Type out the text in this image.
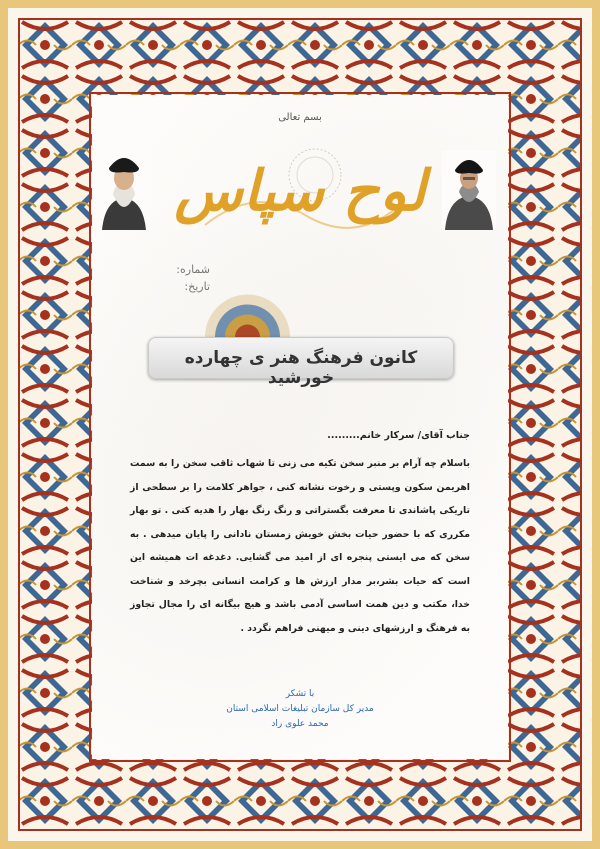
بسم تعالی
لوح سپاس
شماره:
تاریخ:
کانون فرهنگ هنر ی چهارده خورشید
جناب آقای/ سرکار خانم.........
باسلام چه آرام بر منبر سخن تکیه می زنی تا شهاب ثاقب سخن را به سمت اهریمن سکون وپستی و رخوت نشانه کنی ، جواهر کلامت را بر سطحی از تاریکی پاشاندی تا معرفت بگستراتی و رنگ رنگ بهار را هدیه کنی . تو بهار مکرری که با حضور حیات بخش خویش زمستان نادانی را پایان میدهی . به سخن که می ایستی پنجره ای از امید می گشایی. دغدغه ات همیشه این است که حیات بشر،بر مدار ارزش ها و کرامت انسانی بچرخد و شناخت خدا، مکتب و دین همت اساسی آدمی باشد و هیچ بیگانه ای را مجال تجاوز به فرهنگ و ارزشهای دینی و میهنی فراهم نگردد .
با تشکر
مدیر کل سازمان تبلیغات اسلامی استان
محمد علوی راد
